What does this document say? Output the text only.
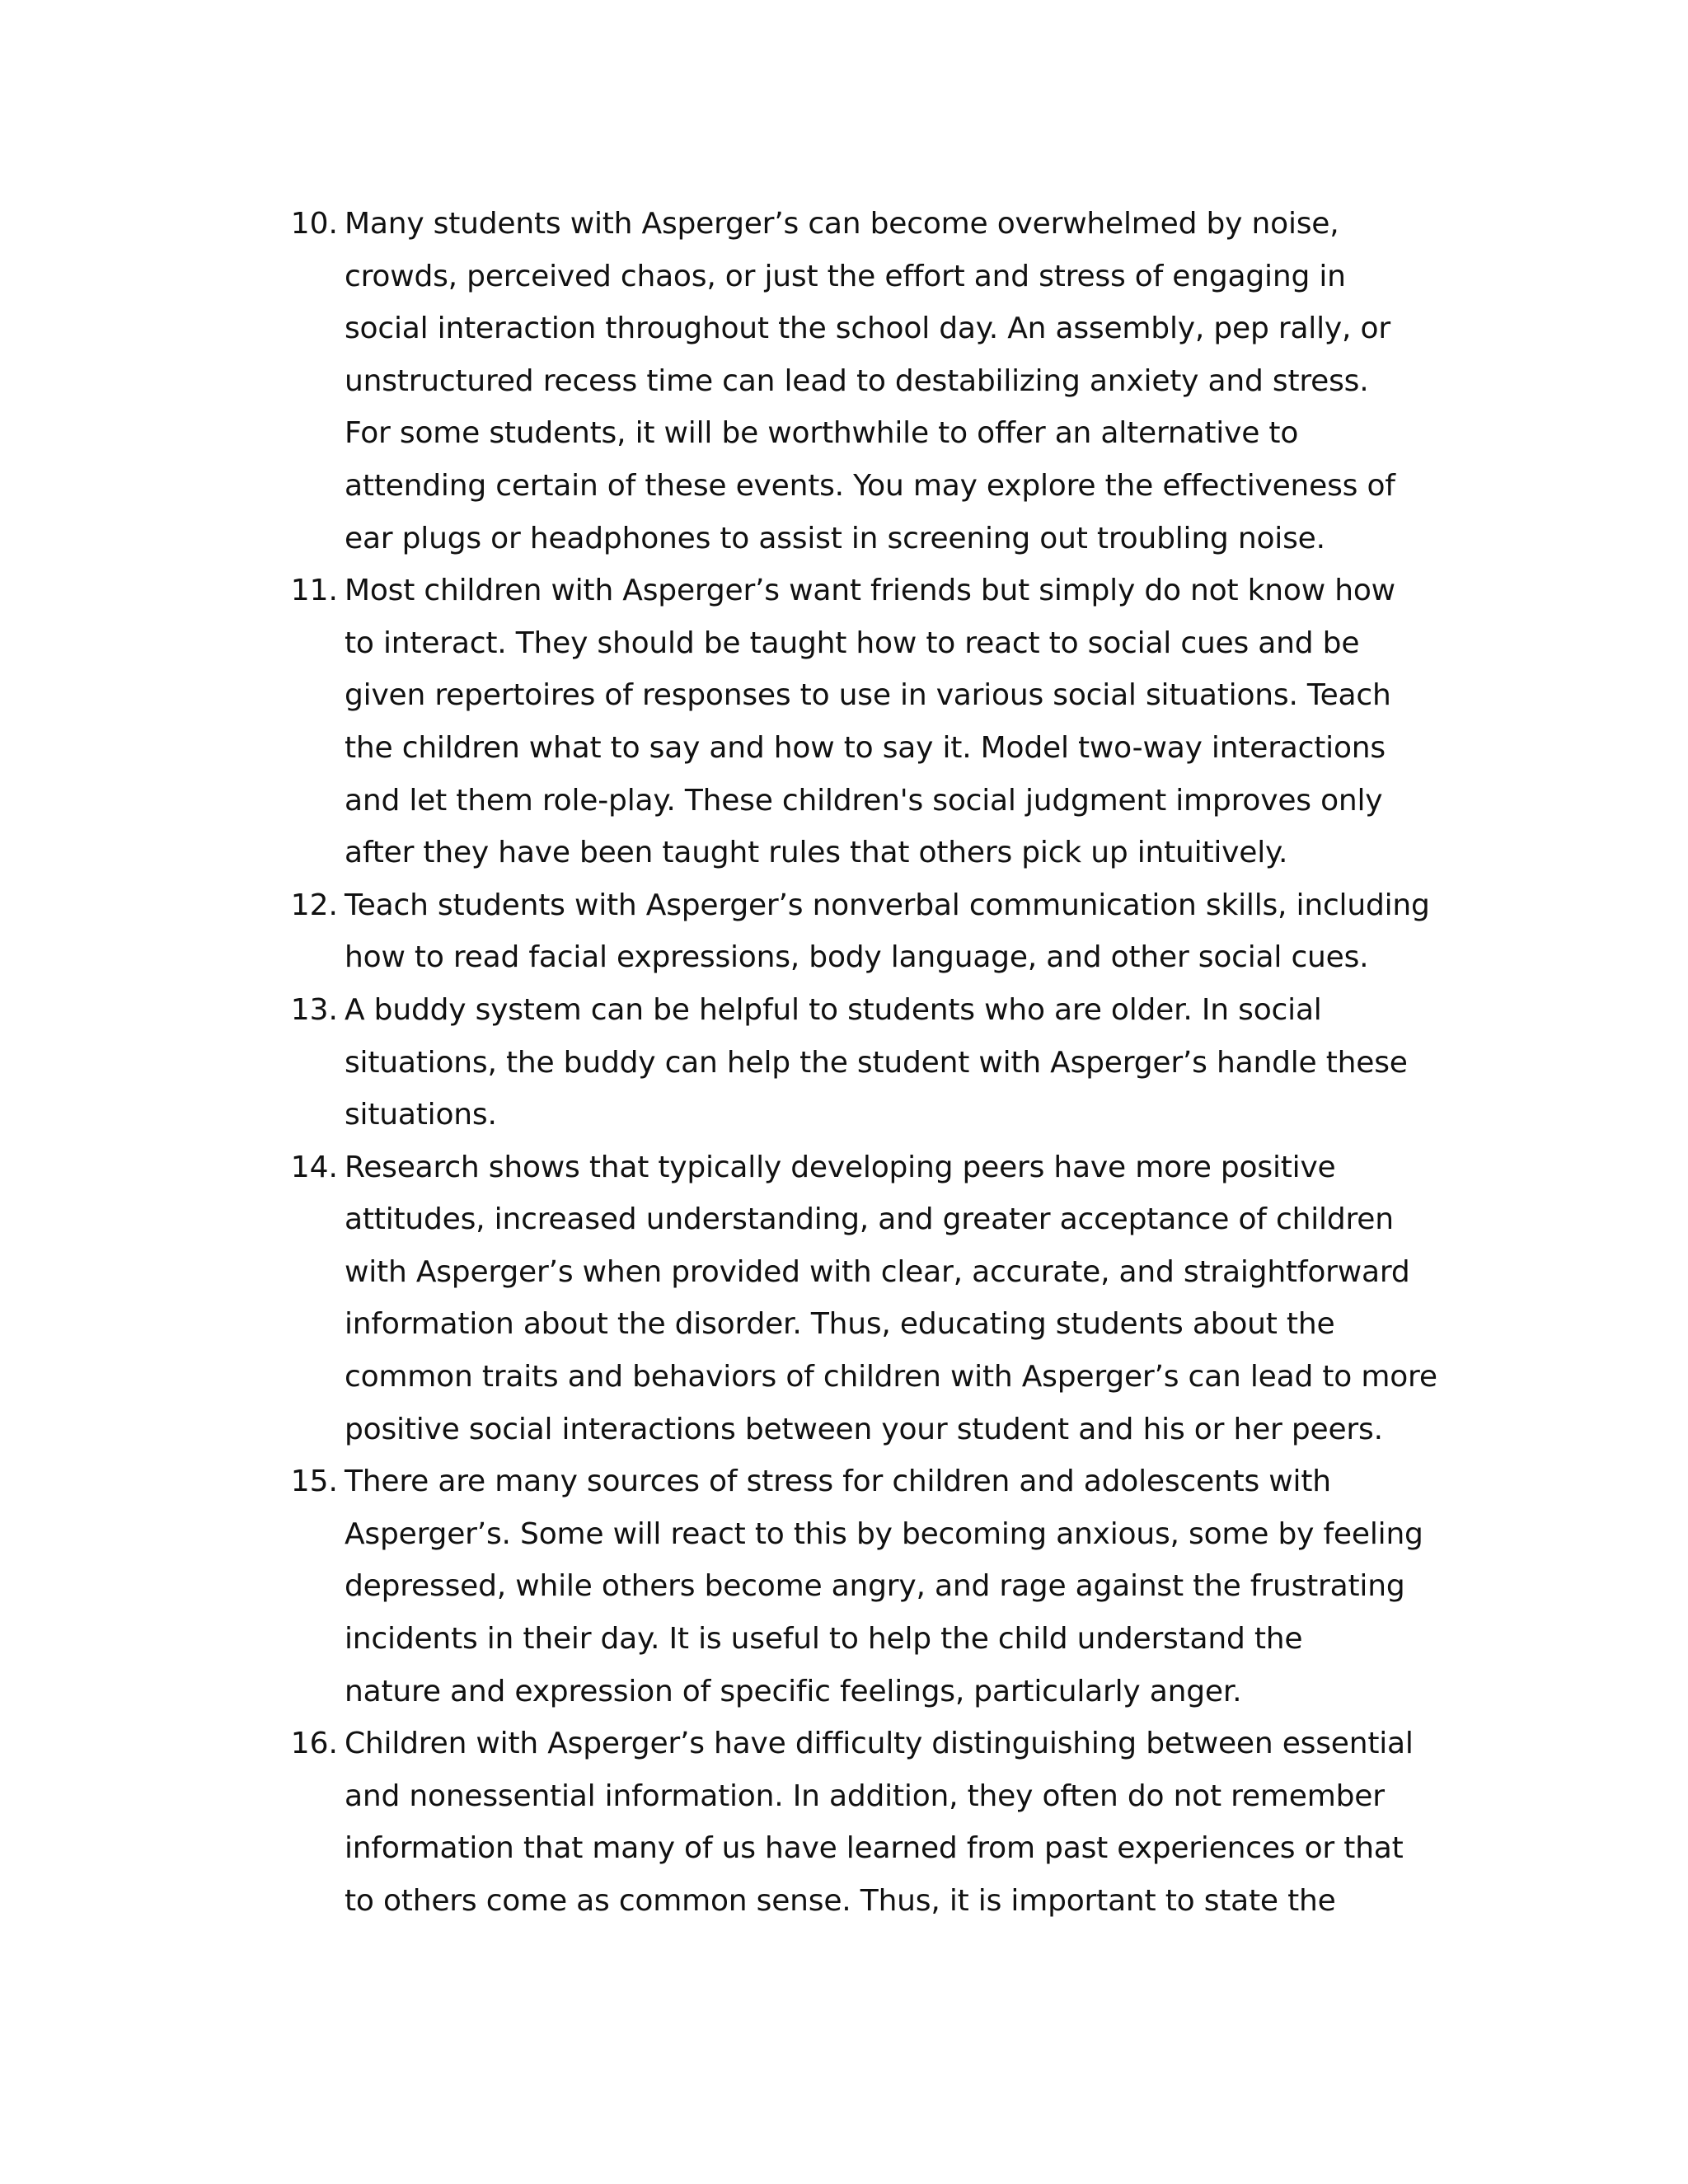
10. Many students with Asperger’s can become overwhelmed by noise,
crowds, perceived chaos, or just the effort and stress of engaging in
social interaction throughout the school day. An assembly, pep rally, or
unstructured recess time can lead to destabilizing anxiety and stress.
For some students, it will be worthwhile to offer an alternative to
attending certain of these events. You may explore the effectiveness of
ear plugs or headphones to assist in screening out troubling noise.
11. Most children with Asperger’s want friends but simply do not know how
to interact. They should be taught how to react to social cues and be
given repertoires of responses to use in various social situations. Teach
the children what to say and how to say it. Model two-way interactions
and let them role-play. These children's social judgment improves only
after they have been taught rules that others pick up intuitively.
12. Teach students with Asperger’s nonverbal communication skills, including
how to read facial expressions, body language, and other social cues.
13. A buddy system can be helpful to students who are older. In social
situations, the buddy can help the student with Asperger’s handle these
situations.
14. Research shows that typically developing peers have more positive
attitudes, increased understanding, and greater acceptance of children
with Asperger’s when provided with clear, accurate, and straightforward
information about the disorder. Thus, educating students about the
common traits and behaviors of children with Asperger’s can lead to more
positive social interactions between your student and his or her peers.
15. There are many sources of stress for children and adolescents with
Asperger’s. Some will react to this by becoming anxious, some by feeling
depressed, while others become angry, and rage against the frustrating
incidents in their day. It is useful to help the child understand the
nature and expression of specific feelings, particularly anger.
16. Children with Asperger’s have difficulty distinguishing between essential
and nonessential information. In addition, they often do not remember
information that many of us have learned from past experiences or that
to others come as common sense. Thus, it is important to state the
